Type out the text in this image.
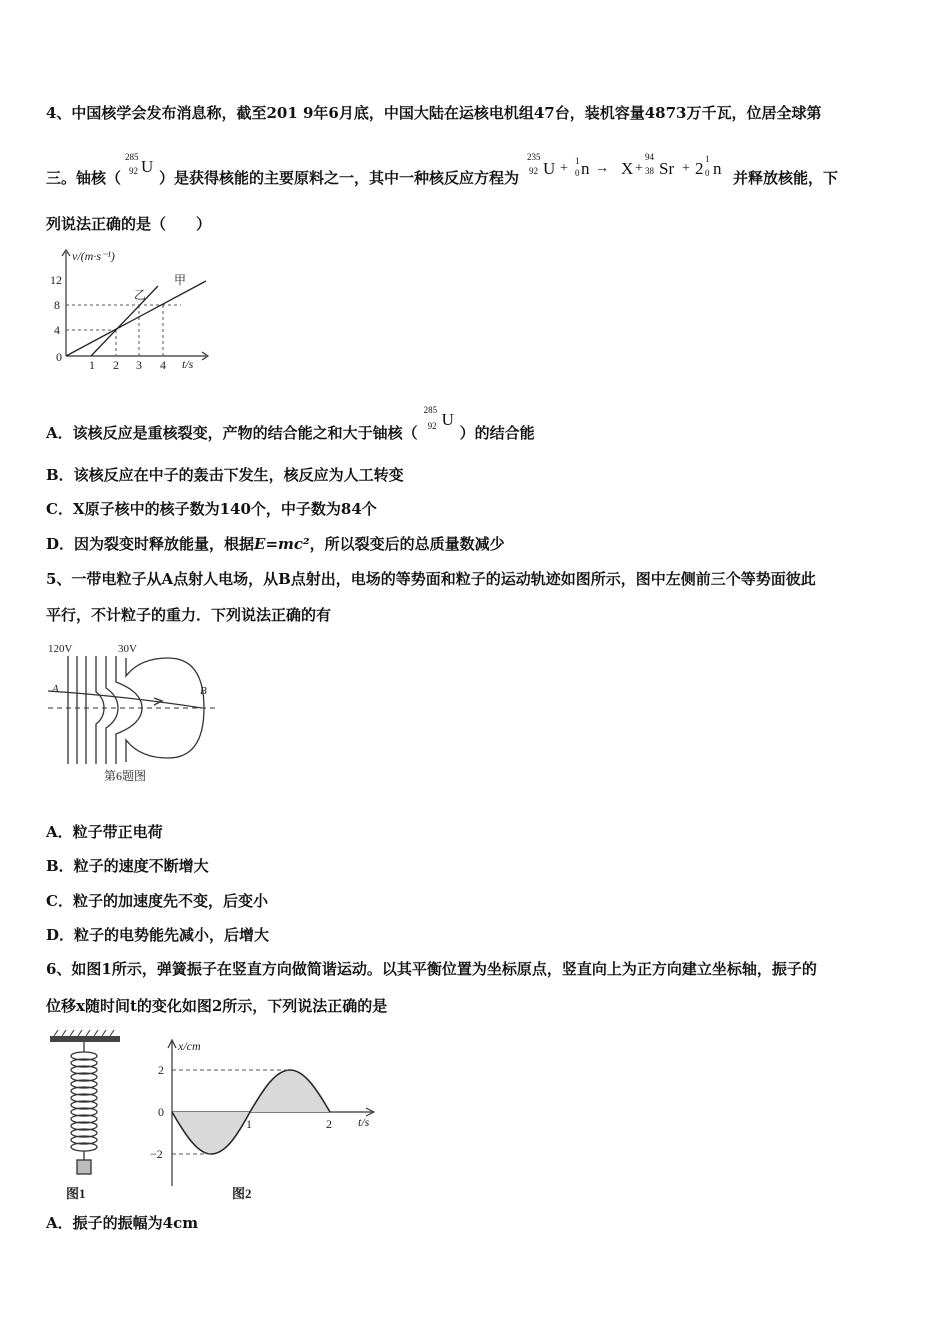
4、中国核学会发布消息称，截至201 9年6月底，中国大陆在运核电机组47台，装机容量4873万千瓦，位居全球第
三。铀核（
285
92 U
）是获得核能的主要原料之一，其中一种核反应方程为
235
92 U + 1
0 n → X +
94
38 Sr + 2 1
0 n 并释放核能，下
列说法正确的是（　　）
v/(m·s⁻¹)
t/s
0
12
8
4
1 2 3 4
甲
乙
A．该核反应是重核裂变，产物的结合能之和大于铀核（
285
92 U
）的结合能
B．该核反应在中子的轰击下发生，核反应为人工转变
C．X原子核中的核子数为140个，中子数为84个
D．因为裂变时释放能量，根据E=mc²，所以裂变后的总质量数减少
5、一带电粒子从A点射人电场，从B点射出，电场的等势面和粒子的运动轨迹如图所示，图中左侧前三个等势面彼此
平行，不计粒子的重力．下列说法正确的有
120V	30V
A	B
第6题图
A．粒子带正电荷
B．粒子的速度不断增大
C．粒子的加速度先不变，后变小
D．粒子的电势能先减小，后增大
6、如图1所示，弹簧振子在竖直方向做简谐运动。以其平衡位置为坐标原点，竖直向上为正方向建立坐标轴，振子的
位移x随时间t的变化如图2所示，下列说法正确的是
图1
x/cm
2
0
−2
1	2 t/s
图2
A．振子的振幅为4cm
